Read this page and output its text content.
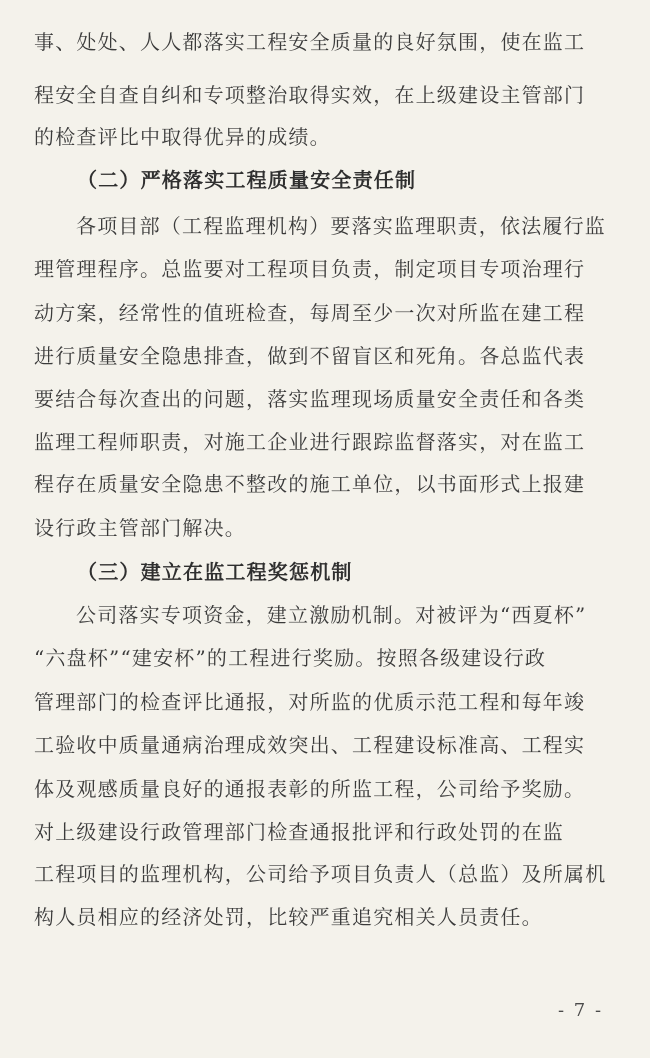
事、处处、人人都落实工程安全质量的良好氛围，使在监工
程安全自查自纠和专项整治取得实效，在上级建设主管部门
的检查评比中取得优异的成绩。
（二）严格落实工程质量安全责任制
各项目部（工程监理机构）要落实监理职责，依法履行监
理管理程序。总监要对工程项目负责，制定项目专项治理行
动方案，经常性的值班检查，每周至少一次对所监在建工程
进行质量安全隐患排查，做到不留盲区和死角。各总监代表
要结合每次查出的问题，落实监理现场质量安全责任和各类
监理工程师职责，对施工企业进行跟踪监督落实，对在监工
程存在质量安全隐患不整改的施工单位，以书面形式上报建
设行政主管部门解决。
（三）建立在监工程奖惩机制
公司落实专项资金，建立激励机制。对被评为“西夏杯”
“六盘杯”“建安杯”的工程进行奖励。按照各级建设行政
管理部门的检查评比通报，对所监的优质示范工程和每年竣
工验收中质量通病治理成效突出、工程建设标准高、工程实
体及观感质量良好的通报表彰的所监工程，公司给予奖励。
对上级建设行政管理部门检查通报批评和行政处罚的在监
工程项目的监理机构，公司给予项目负责人（总监）及所属机
构人员相应的经济处罚，比较严重追究相关人员责任。
- 7 -
